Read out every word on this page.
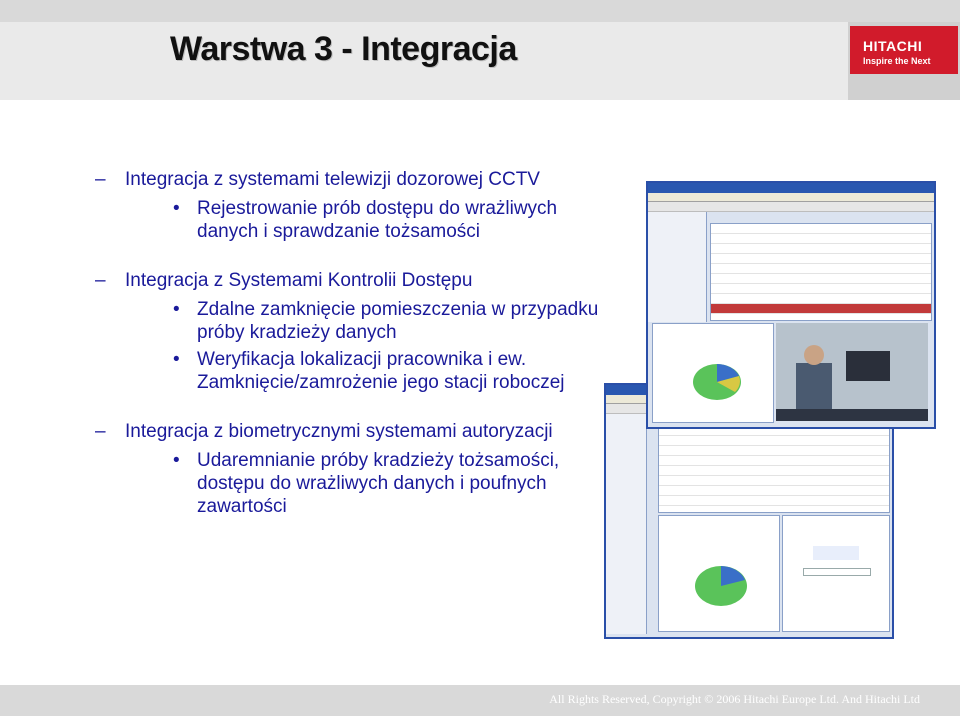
Warstwa 3 - Integracja	HITACHI
Inspire the Next
– Integracja z systemami telewizji dozorowej CCTV
• Rejestrowanie prób dostępu do wrażliwych danych i sprawdzanie tożsamości
– Integracja z Systemami Kontrolii Dostępu
• Zdalne zamknięcie pomieszczenia w przypadku próby kradzieży danych
• Weryfikacja lokalizacji pracownika i ew. Zamknięcie/zamrożenie jego stacji roboczej
– Integracja z biometrycznymi systemami autoryzacji
• Udaremnianie próby kradzieży tożsamości, dostępu do wrażliwych danych i poufnych zawartości
All Rights Reserved, Copyright © 2006 Hitachi Europe Ltd. And Hitachi Ltd
